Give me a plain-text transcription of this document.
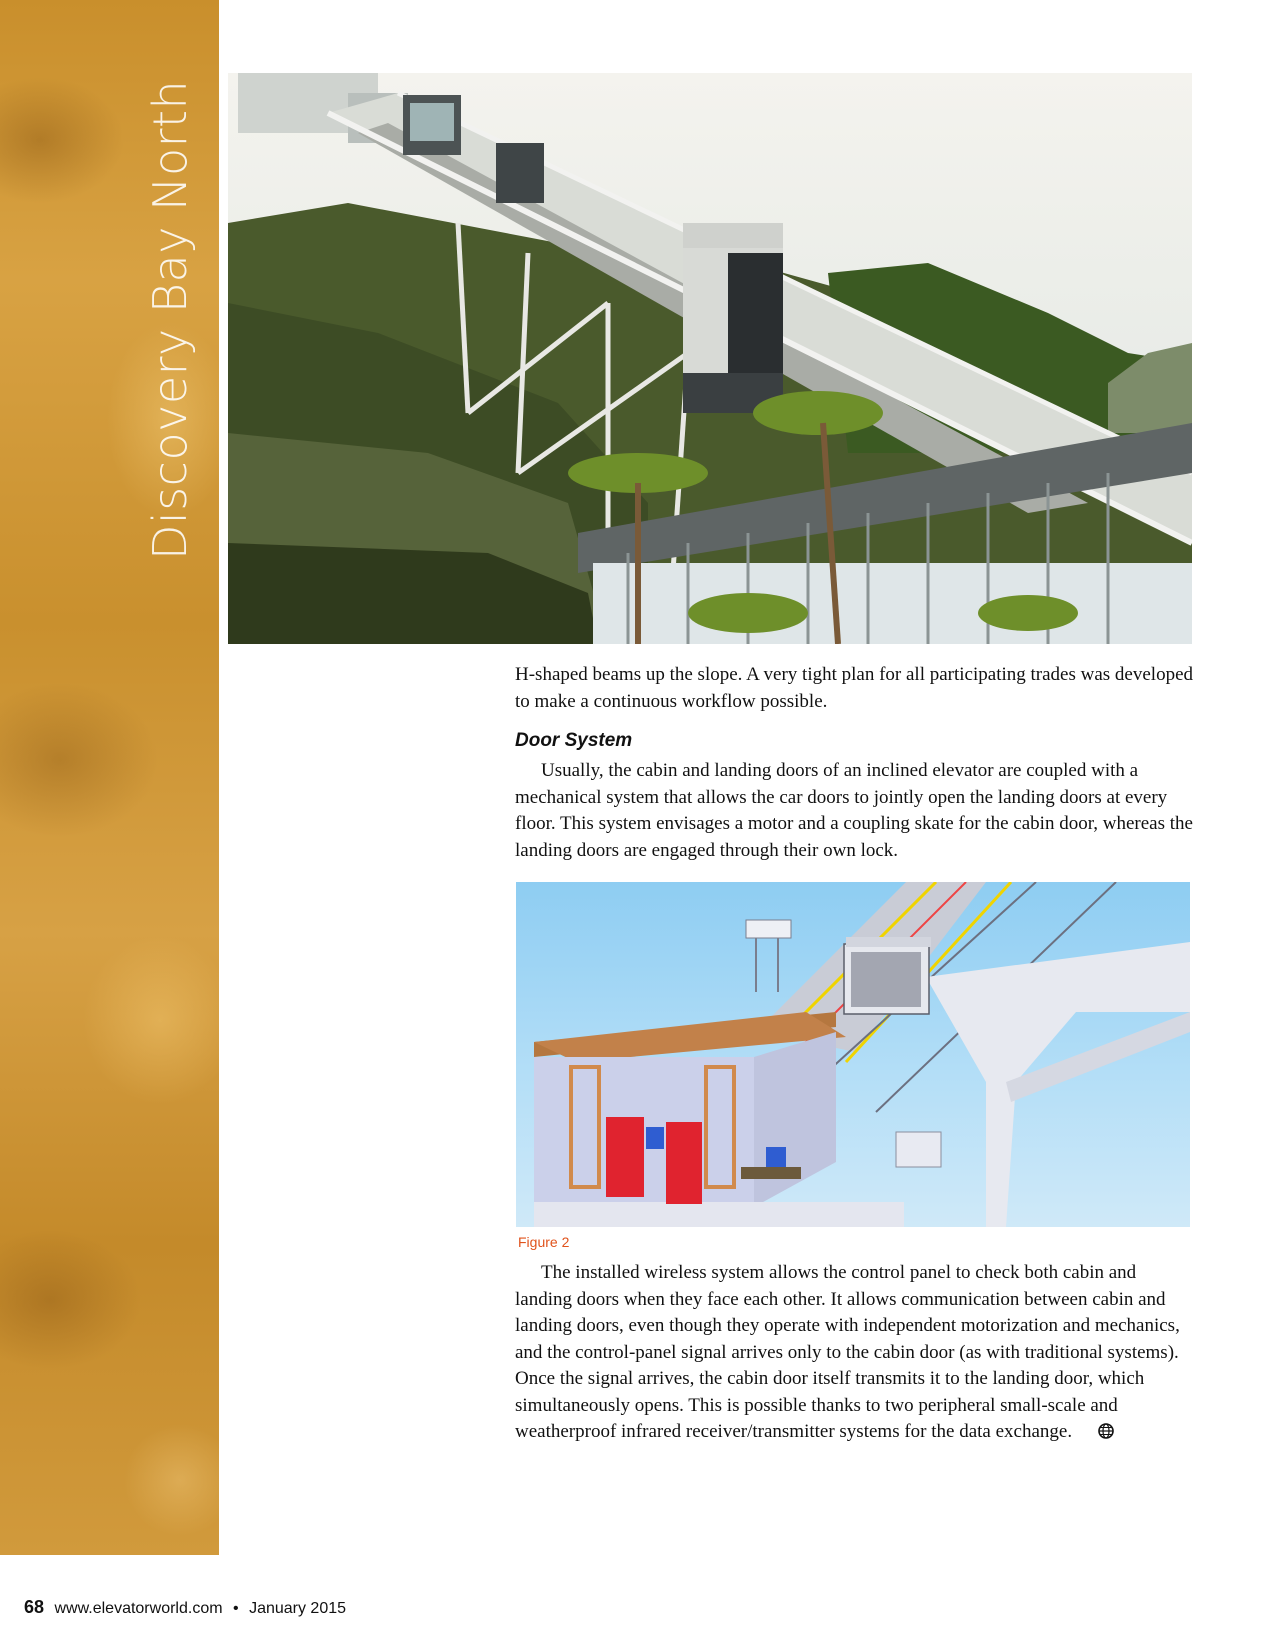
Discovery Bay North

H-shaped beams up the slope. A very tight plan for all participating trades was developed to make a continuous workflow possible.

Door System

Usually, the cabin and landing doors of an inclined elevator are coupled with a mechanical system that allows the car doors to jointly open the landing doors at every floor. This system envisages a motor and a coupling skate for the cabin door, whereas the landing doors are engaged through their own lock.

Figure 2

The installed wireless system allows the control panel to check both cabin and landing doors when they face each other. It allows communication between cabin and landing doors, even though they operate with independent motorization and mechanics, and the control-panel signal arrives only to the cabin door (as with traditional systems). Once the signal arrives, the cabin door itself transmits it to the landing door, which simultaneously opens. This is possible thanks to two peripheral small-scale and weatherproof infrared receiver/transmitter systems for the data exchange.

68 www.elevatorworld.com • January 2015
